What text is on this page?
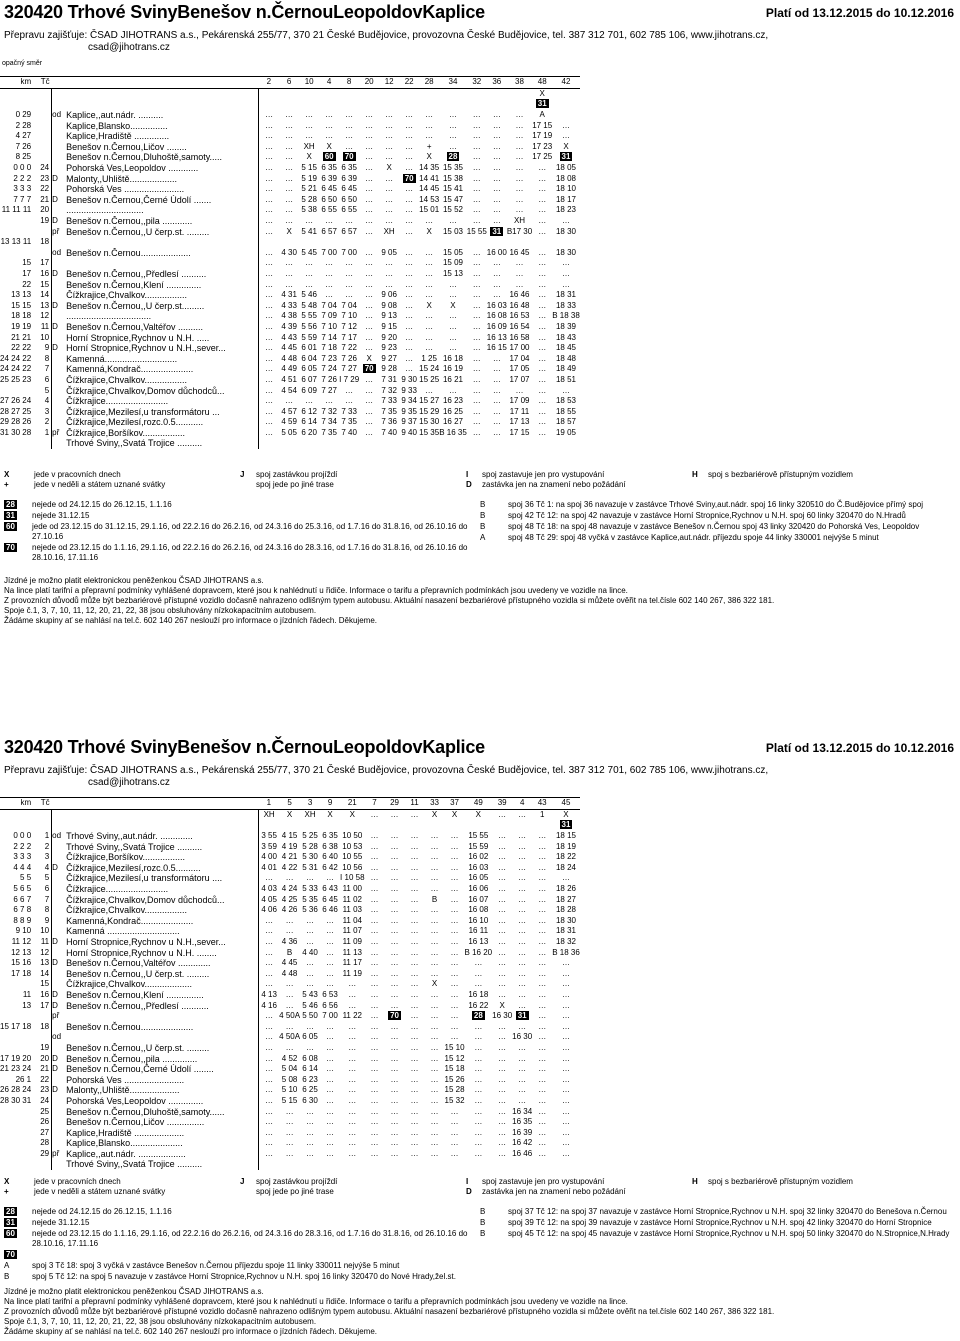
320420 Trhové SvinyBenešov n.ČernouLeopoldovKaplice	Platí od 13.12.2015 do 10.12.2016
Přepravu zajišťuje: ČSAD JIHOTRANS a.s., Pekárenská 255/77, 370 21 České Budějovice, provozovna České Budějovice, tel. 387 312 701, 602 785 106, www.jihotrans.cz,
csad@jihotrans.cz
opačný směr
km	Tč			2	6	10	4	8	20	12	22	28	34	32	36	38	48	42
																	X	
																	31	
0 29		od	Kaplice,,aut.nádr. ..........	…	…	…	…	…	…	…	…	…	…	…	…	…	A	
2 28			Kaplice,Blansko...............	…	…	…	…	…	…	…	…	…	…	…	…	…	17 15	…
4 27			Kaplice,Hradiště ..............	…	…	…	…	…	…	…	…	…	…	…	…	…	17 19	…
7 26			Benešov n.Černou,Ličov ........	…	…	XH	X	…	…	…	…	+	…	…	…	…	17 23	X
8 25			Benešov n.Černou,Dluhoště,samoty.....	…	…	X	60	70	…	…	…	X	28	…	…	…	17 25	31
0 0 0	24		Pohorská Ves,Leopoldov ............	…	…	5 15	6 35	6 35	…	X	…	14 35	15 35	…	…	…	…	18 05
2 2 2	23	D	Malonty,,Uhliště...................	…	…	5 19	6 39	6 39	…	…	70	14 41	15 38	…	…	…	…	18 08
3 3 3	22		Pohorská Ves ........................	…	…	5 21	6 45	6 45	…	…	…	14 45	15 41	…	…	…	…	18 10
7 7 7	21	D	Benešov n.Černou,Černé Údolí .......	…	…	5 28	6 50	6 50	…	…	…	14 53	15 47	…	…	…	…	18 17
11 11 11	20		...............................	…	…	5 38	6 55	6 55	…	…	…	15 01	15 52	…	…	…	…	18 23
	19	D	Benešov n.Černou,,pila ............	…	…	…	…	…	…	…	…	…	…	…	…	XH	…	…
		př	Benešov n.Černou,,U čerp.st. .........	…	X	5 41	6 57	6 57	…	XH	…	X	15 03	15 55	31	B17 30	…	18 30
13 13 11	18																	
		od	Benešov n.Černou....................	…	4 30	5 45	7 00	7 00	…	9 05	…	…	15 05	…	16 00	16 45	…	18 30
15	17			…	…	…	…	…	…	…	…	…	15 09	…	…	…	…	…
17	16	D	Benešov n.Černou,,Předlesí ..........	…	…	…	…	…	…	…	…	…	15 13	…	…	…	…	…
22	15		Benešov n.Černou,Klení ..............	…	…	…	…	…	…	…	…	…	…	…	…	…	…	…
13 13	14		Čížkrajice,Chvalkov.................	…	4 31	5 46	…	…	…	9 06	…	…	…	…	…	16 46	…	18 31
15 15	13	D	Benešov n.Černou,,U čerp.st.........	…	4 33	5 48	7 04	7 04	…	9 08	…	X	X	…	16 03	16 48	…	18 33
18 18	12		..................................	…	4 38	5 55	7 09	7 10	…	9 13	…	…	…	…	16 08	16 53	…	B 18 38
19 19	11	D	Benešov n.Černou,Valtéřov ..........	…	4 39	5 56	7 10	7 12	…	9 15	…	…	…	…	16 09	16 54	…	18 39
21 21	10		Horní Stropnice,Rychnov u N.H. .....	…	4 43	5 59	7 14	7 17	…	9 20	…	…	…	…	16 13	16 58	…	18 43
22 22	9	D	Horní Stropnice,Rychnov u N.H.,sever...	…	4 45	6 01	7 18	7 22	…	9 23	…	…	…	…	16 15	17 00	…	18 45
24 24 22	8		Kamenná.............................	…	4 48	6 04	7 23	7 26	X	9 27	…	1 25	16 18	…	…	17 04	…	18 48
24 24 22	7		Kamenná,Kondrač.....................	…	4 49	6 05	7 24	7 27	70	9 28	…	15 24	16 19	…	…	17 05	…	18 49
25 25 23	6		Čížkrajice,Chvalkov.................	…	4 51	6 07	7 26	I 7 29	…	7 31	9 30	15 25	16 21	…	…	17 07	…	18 51
	5		Čížkrajice,Chvalkov,Domov důchodců...	…	4 54	6 09	7 27	…	…	7 32	9 33	…	…	…	…	…	…	…
27 26 24	4		Čížkrajice.........................	…	…	…	…	…	…	7 33	9 34	15 27	16 23	…	…	17 09	…	18 53
28 27 25	3		Čížkrajice,Mezilesí,u transformátoru ...	…	4 57	6 12	7 32	7 33	…	7 35	9 35	15 29	16 25	…	…	17 11	…	18 55
29 28 26	2		Čížkrajice,Mezilesí,rozc.0.5...........	…	4 59	6 14	7 34	7 35	…	7 36	9 37	15 30	16 27	…	…	17 13	…	18 57
31 30 28	1	př	Čížkrajice,Boršíkov.................	…	5 05	6 20	7 35	7 40	…	7 40	9 40	15 35	B 16 35	…	…	17 15	…	19 05
			Trhové Sviny,,Svatá Trojice ..........															
X	jede v pracovních dnech	J	spoj zastávkou projíždí	I	spoj zastavuje jen pro vystupování	H	spoj s bezbariérově přístupným vozidlem
+	jede v neděli a státem uznané svátky	spoj jede po jiné trase	D	zastávka jen na znamení nebo požádání
28	nejede od 24.12.15 do 26.12.15, 1.1.16
31	nejede 31.12.15
60	jede od 23.12.15 do 31.12.15, 29.1.16, od 22.2.16 do 26.2.16, od 24.3.16 do 25.3.16, od 1.7.16 do 31.8.16, od 26.10.16 do 27.10.16
70	nejede od 23.12.15 do 1.1.16, 29.1.16, od 22.2.16 do 26.2.16, od 24.3.16 do 28.3.16, od 1.7.16 do 31.8.16, od 26.10.16 do 28.10.16, 17.11.16
B	spoj 36 Tč 1: na spoj 36 navazuje v zastávce Trhové Sviny,aut.nádr. spoj 16 linky 320510 do Č.Budějovice přímý spoj
B	spoj 42 Tč 12: na spoj 42 navazuje v zastávce Horní Stropnice,Rychnov u N.H. spoj 60 linky 320470 do N.Hradů
B	spoj 48 Tč 18: na spoj 48 navazuje v zastávce Benešov n.Černou spoj 43 linky 320420 do Pohorská Ves, Leopoldov
A	spoj 48 Tč 29: spoj 48 vyčká v zastávce Kaplice,aut.nádr. příjezdu spoje 44 linky 330001 nejvýše 5 minut
Jízdné je možno platit elektronickou peněženkou ČSAD JIHOTRANS a.s.
Na lince platí tarifní a přepravní podmínky vyhlášené dopravcem, které jsou k nahlédnutí u řidiče. Informace o tarifu a přepravních podmínkách jsou uvedeny ve vozidle na lince.
Z provozních důvodů může být bezbariérové přístupné vozidlo dočasně nahrazeno odlišným typem autobusu. Aktuální nasazení bezbariérové přístupného vozidla si můžete ověřit na tel.čísle 602 140 267, 386 322 181.
Spoje č.1, 3, 7, 10, 11, 12, 20, 21, 22, 38 jsou obsluhovány nízkokapacitním autobusem.
Žádáme skupiny ať se nahlásí na tel.č. 602 140 267 neslouží pro informace o jízdních řádech. Děkujeme.
320420 Trhové SvinyBenešov n.ČernouLeopoldovKaplice	Platí od 13.12.2015 do 10.12.2016
Přepravu zajišťuje: ČSAD JIHOTRANS a.s., Pekárenská 255/77, 370 21 České Budějovice, provozovna České Budějovice, tel. 387 312 701, 602 785 106, www.jihotrans.cz,
csad@jihotrans.cz
km	Tč			1	5	3	9	21	7	29	11	33	37	49	39	4	43	45
				XH	X	XH	X	X	…	…	…	X	X	X	…	…	1	X
																		31
0 0 0	1	od	Trhové Sviny,,aut.nádr. .............	3 55	4 15	5 25	6 35	10 50	…	…	…	…	…	15 55	…	…	…	18 15
2 2 2	2		Trhové Sviny,,Svatá Trojice ..........	3 59	4 19	5 28	6 38	10 53	…	…	…	…	…	15 59	…	…	…	18 19
3 3 3	3		Čížkrajice,Boršíkov.................	4 00	4 21	5 30	6 40	10 55	…	…	…	…	…	16 02	…	…	…	18 22
4 4 4	4	D	Čížkrajice,Mezilesí,rozc.0.5..........	4 01	4 22	5 31	6 42	10 56	…	…	…	…	…	16 03	…	…	…	18 24
5 5	5		Čížkrajice,Mezilesí,u transformátoru ....	…	…	…	…	I 10 58	…	…	…	…	…	16 05	…	…	…	…
5 6 5	6		Čížkrajice.........................	4 03	4 24	5 33	6 43	11 00	…	…	…	…	…	16 06	…	…	…	18 26
6 6 7	7		Čížkrajice,Chvalkov,Domov důchodců...	4 05	4 25	5 35	6 45	11 02	…	…	…	B	…	16 07	…	…	…	18 27
6 7 8	8		Čížkrajice,Chvalkov.................	4 06	4 26	5 36	6 46	11 03	…	…	…	…	…	16 08	…	…	…	18 28
8 8 9	9		Kamenná,Kondrač.....................	…	…	…	…	11 04	…	…	…	…	…	16 10	…	…	…	18 30
9 10	10		Kamenná .............................	…	…	…	…	11 07	…	…	…	…	…	16 11	…	…	…	18 31
11 12	11	D	Horní Stropnice,Rychnov u N.H.,sever...	…	4 36	…	…	11 09	…	…	…	…	…	16 13	…	…	…	18 32
12 13	12		Horní Stropnice,Rychnov u N.H. ........	…	B	4 40	…	11 13	…	…	…	…	…	B 16 20	…	…	…	B 18 36
15 16	13	D	Benešov n.Černou,Valtéřov .............	…	4 45	…	…	11 17	…	…	…	…	…	…	…	…	…	…
17 18	14		Benešov n.Černou,,U čerp.st. .........	…	4 48	…	…	11 19	…	…	…	…	…	…	…	…	…	…
	15		Čížkrajice,Chvalkov...................	…	…	…	…	…	…	…	…	X	…	…	…	…	…	…
11	16	D	Benešov n.Černou,Klení ...............	4 13	…	5 43	6 53	…	…	…	…	…	…	16 18	…	…	…	…
13	17	D	Benešov n.Černou,,Předlesí ...........	4 16	…	5 46	6 56	…	…	…	…	…	…	16 22	X	…	…	…
		př		…	4 50A	5 50	7 00	11 22	…	70	…	…	…	28	16 30	31	…	…
15 17 18	18		Benešov n.Černou.....................	…	…	…	…	…	…	…	…	…	…	…	…	…	…	…
		od		…	4 50A	6 05	…	…	…	…	…	…	…	…	…	16 30	…	…
	19		Benešov n.Černou,,U čerp.st. .........	…	…	…	…	…	…	…	…	…	15 10	…	…	…	…	…
17 19 20	20	D	Benešov n.Černou,,pila ..............	…	4 52	6 08	…	…	…	…	…	…	15 12	…	…	…	…	…
21 23 24	21	D	Benešov n.Černou,Černé Údolí ........	…	5 04	6 14	…	…	…	…	…	…	15 18	…	…	…	…	…
26 1	22		Pohorská Ves ........................	…	5 08	6 23	…	…	…	…	…	…	15 26	…	…	…	…	…
26 28 24	23	D	Malonty,,Uhliště....................	…	5 10	6 25	…	…	…	…	…	…	15 28	…	…	…	…	…
28 30 31	24		Pohorská Ves,Leopoldov ..............	…	5 15	6 30	…	…	…	…	…	…	15 32	…	…	…	…	…
	25		Benešov n.Černou,Dluhoště,samoty......	…	…	…	…	…	…	…	…	…	…	…	…	16 34	…	…
	26		Benešov n.Černou,Ličov ...............	…	…	…	…	…	…	…	…	…	…	…	…	16 35	…	…
	27		Kaplice,Hradiště ....................	…	…	…	…	…	…	…	…	…	…	…	…	16 39	…	…
	28		Kaplice,Blansko.....................	…	…	…	…	…	…	…	…	…	…	…	…	16 42	…	…
	29	př	Kaplice,,aut.nádr. ...................	…	…	…	…	…	…	…	…	…	…	…	…	16 46	…	…
			Trhové Sviny,,Svatá Trojice ..........															
X	jede v pracovních dnech	J	spoj zastávkou projíždí	I	spoj zastavuje jen pro vystupování	H	spoj s bezbariérově přístupným vozidlem
+	jede v neděli a státem uznané svátky	spoj jede po jiné trase	D	zastávka jen na znamení nebo požádání
28	nejede od 24.12.15 do 26.12.15, 1.1.16
31	nejede 31.12.15
60	nejede od 23.12.15 do 1.1.16, 29.1.16, od 22.2.16 do 26.2.16, od 24.3.16 do 28.3.16, od 1.7.16 do 31.8.16, od 26.10.16 do 28.10.16, 17.11.16
70
A	spoj 3 Tč 18: spoj 3 vyčká v zastávce Benešov n.Černou příjezdu spoje 11 linky 330011 nejvýše 5 minut
B	spoj 5 Tč 12: na spoj 5 navazuje v zastávce Horní Stropnice,Rychnov u N.H. spoj 16 linky 320470 do Nové Hrady,žel.st.
B	spoj 37 Tč 12: na spoj 37 navazuje v zastávce Horní Stropnice,Rychnov u N.H. spoj 32 linky 320470 do Benešova n.Černou
B	spoj 39 Tč 12: na spoj 39 navazuje v zastávce Horní Stropnice,Rychnov u N.H. spoj 42 linky 320470 do Horní Stropnice
B	spoj 45 Tč 12: na spoj 45 navazuje v zastávce Horní Stropnice,Rychnov u N.H. spoj 50 linky 320470 do N.Stropnice,N.Hrady
Jízdné je možno platit elektronickou peněženkou ČSAD JIHOTRANS a.s.
Na lince platí tarifní a přepravní podmínky vyhlášené dopravcem, které jsou k nahlédnutí u řidiče. Informace o tarifu a přepravních podmínkách jsou uvedeny ve vozidle na lince.
Z provozních důvodů může být bezbariérové přístupné vozidlo dočasně nahrazeno odlišným typem autobusu. Aktuální nasazení bezbariérové přístupného vozidla si můžete ověřit na tel.čísle 602 140 267, 386 322 181.
Spoje č.1, 3, 7, 10, 11, 12, 20, 21, 22, 38 jsou obsluhovány nízkokapacitním autobusem.
Žádáme skupiny ať se nahlásí na tel.č. 602 140 267 neslouží pro informace o jízdních řádech. Děkujeme.
